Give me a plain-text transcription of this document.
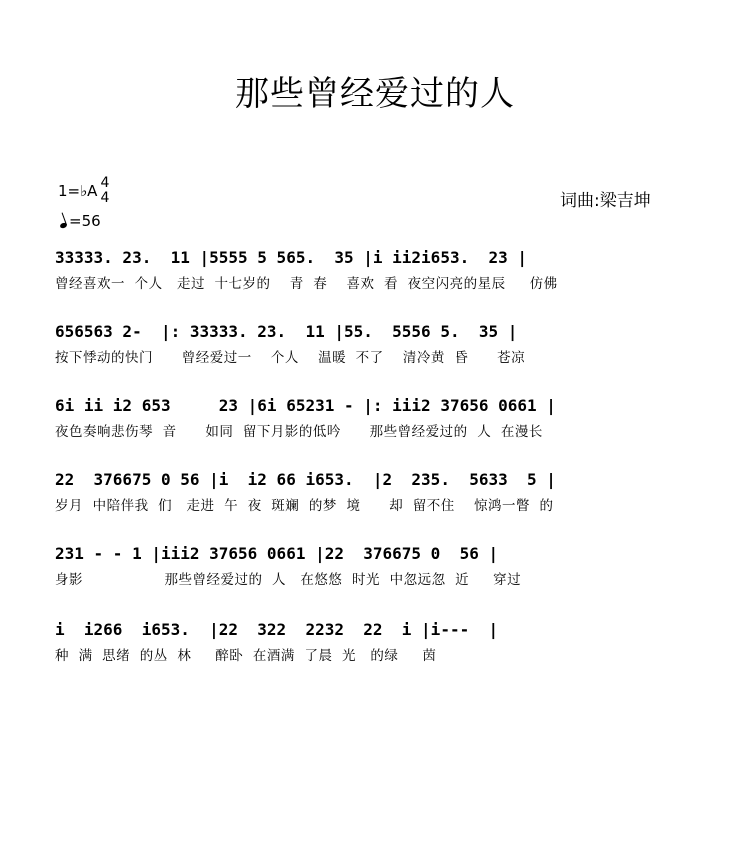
那些曾经爱过的人
1=♭A 4
4
=56
词曲:梁吉坤
33333. 23.  11 |5555 5 565.  35 |i ii2i653.  23 |
曾经喜欢一  个人   走过  十七岁的    青  春    喜欢  看  夜空闪亮的星辰     仿佛
656563 2-  |: 33333. 23.  11 |55.  5556 5.  35 |
按下悸动的快门      曾经爱过一    个人    温暖  不了    清冷黄  昏      苍凉
6i ii i2 653     23 |6i 65231 - |: iii2 37656 0661 |
夜色奏响悲伤琴  音      如同  留下月影的低吟      那些曾经爱过的  人  在漫长
22  376675 0 56 |i  i2 66 i653.  |2  235.  5633  5 |
岁月  中陪伴我  们   走进  午  夜  斑斓  的梦  境      却  留不住    惊鸿一瞥  的
231 - - 1 |iii2 37656 0661 |22  376675 0  56 |
身影                 那些曾经爱过的  人   在悠悠  时光  中忽远忽  近     穿过
i  i266  i653.  |22  322  2232  22  i |i---  |
种  满  思绪  的丛  林     醉卧  在酒满  了晨  光   的绿     茵
